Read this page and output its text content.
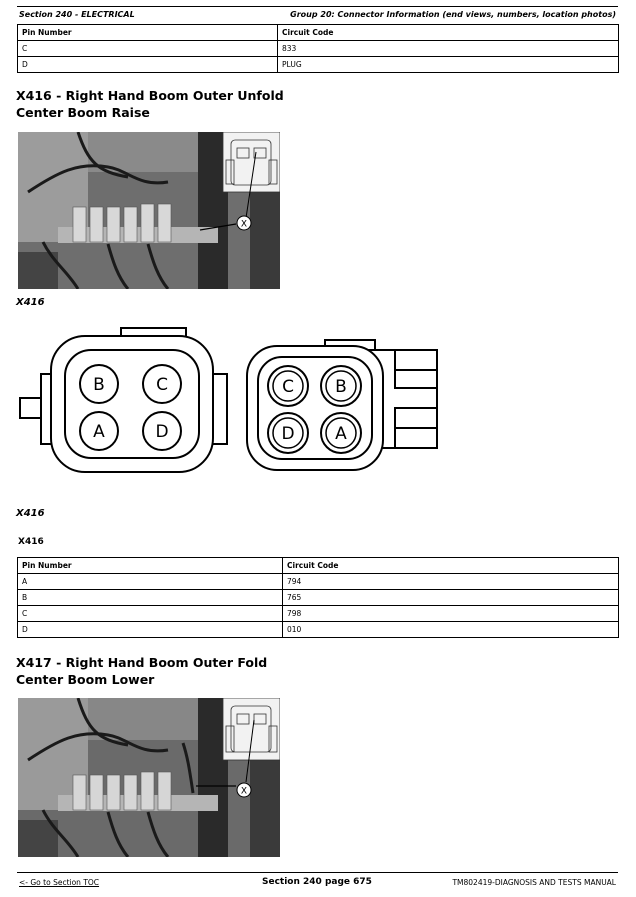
Section 240 - ELECTRICAL	Group 20: Connector Information (end views, numbers, location photos)
Pin Number	Circuit Code
C	833
D	PLUG
X416 - Right Hand Boom Outer Unfold
Center Boom Raise
X
X416
B	C
A	D
C B
D A
X416
X416
Pin Number	Circuit Code
A	794
B	765
C	798
D	010
X417 - Right Hand Boom Outer Fold
Center Boom Lower
X
<- Go to Section TOC	Section 240 page 675	TM802419-DIAGNOSIS AND TESTS MANUAL
